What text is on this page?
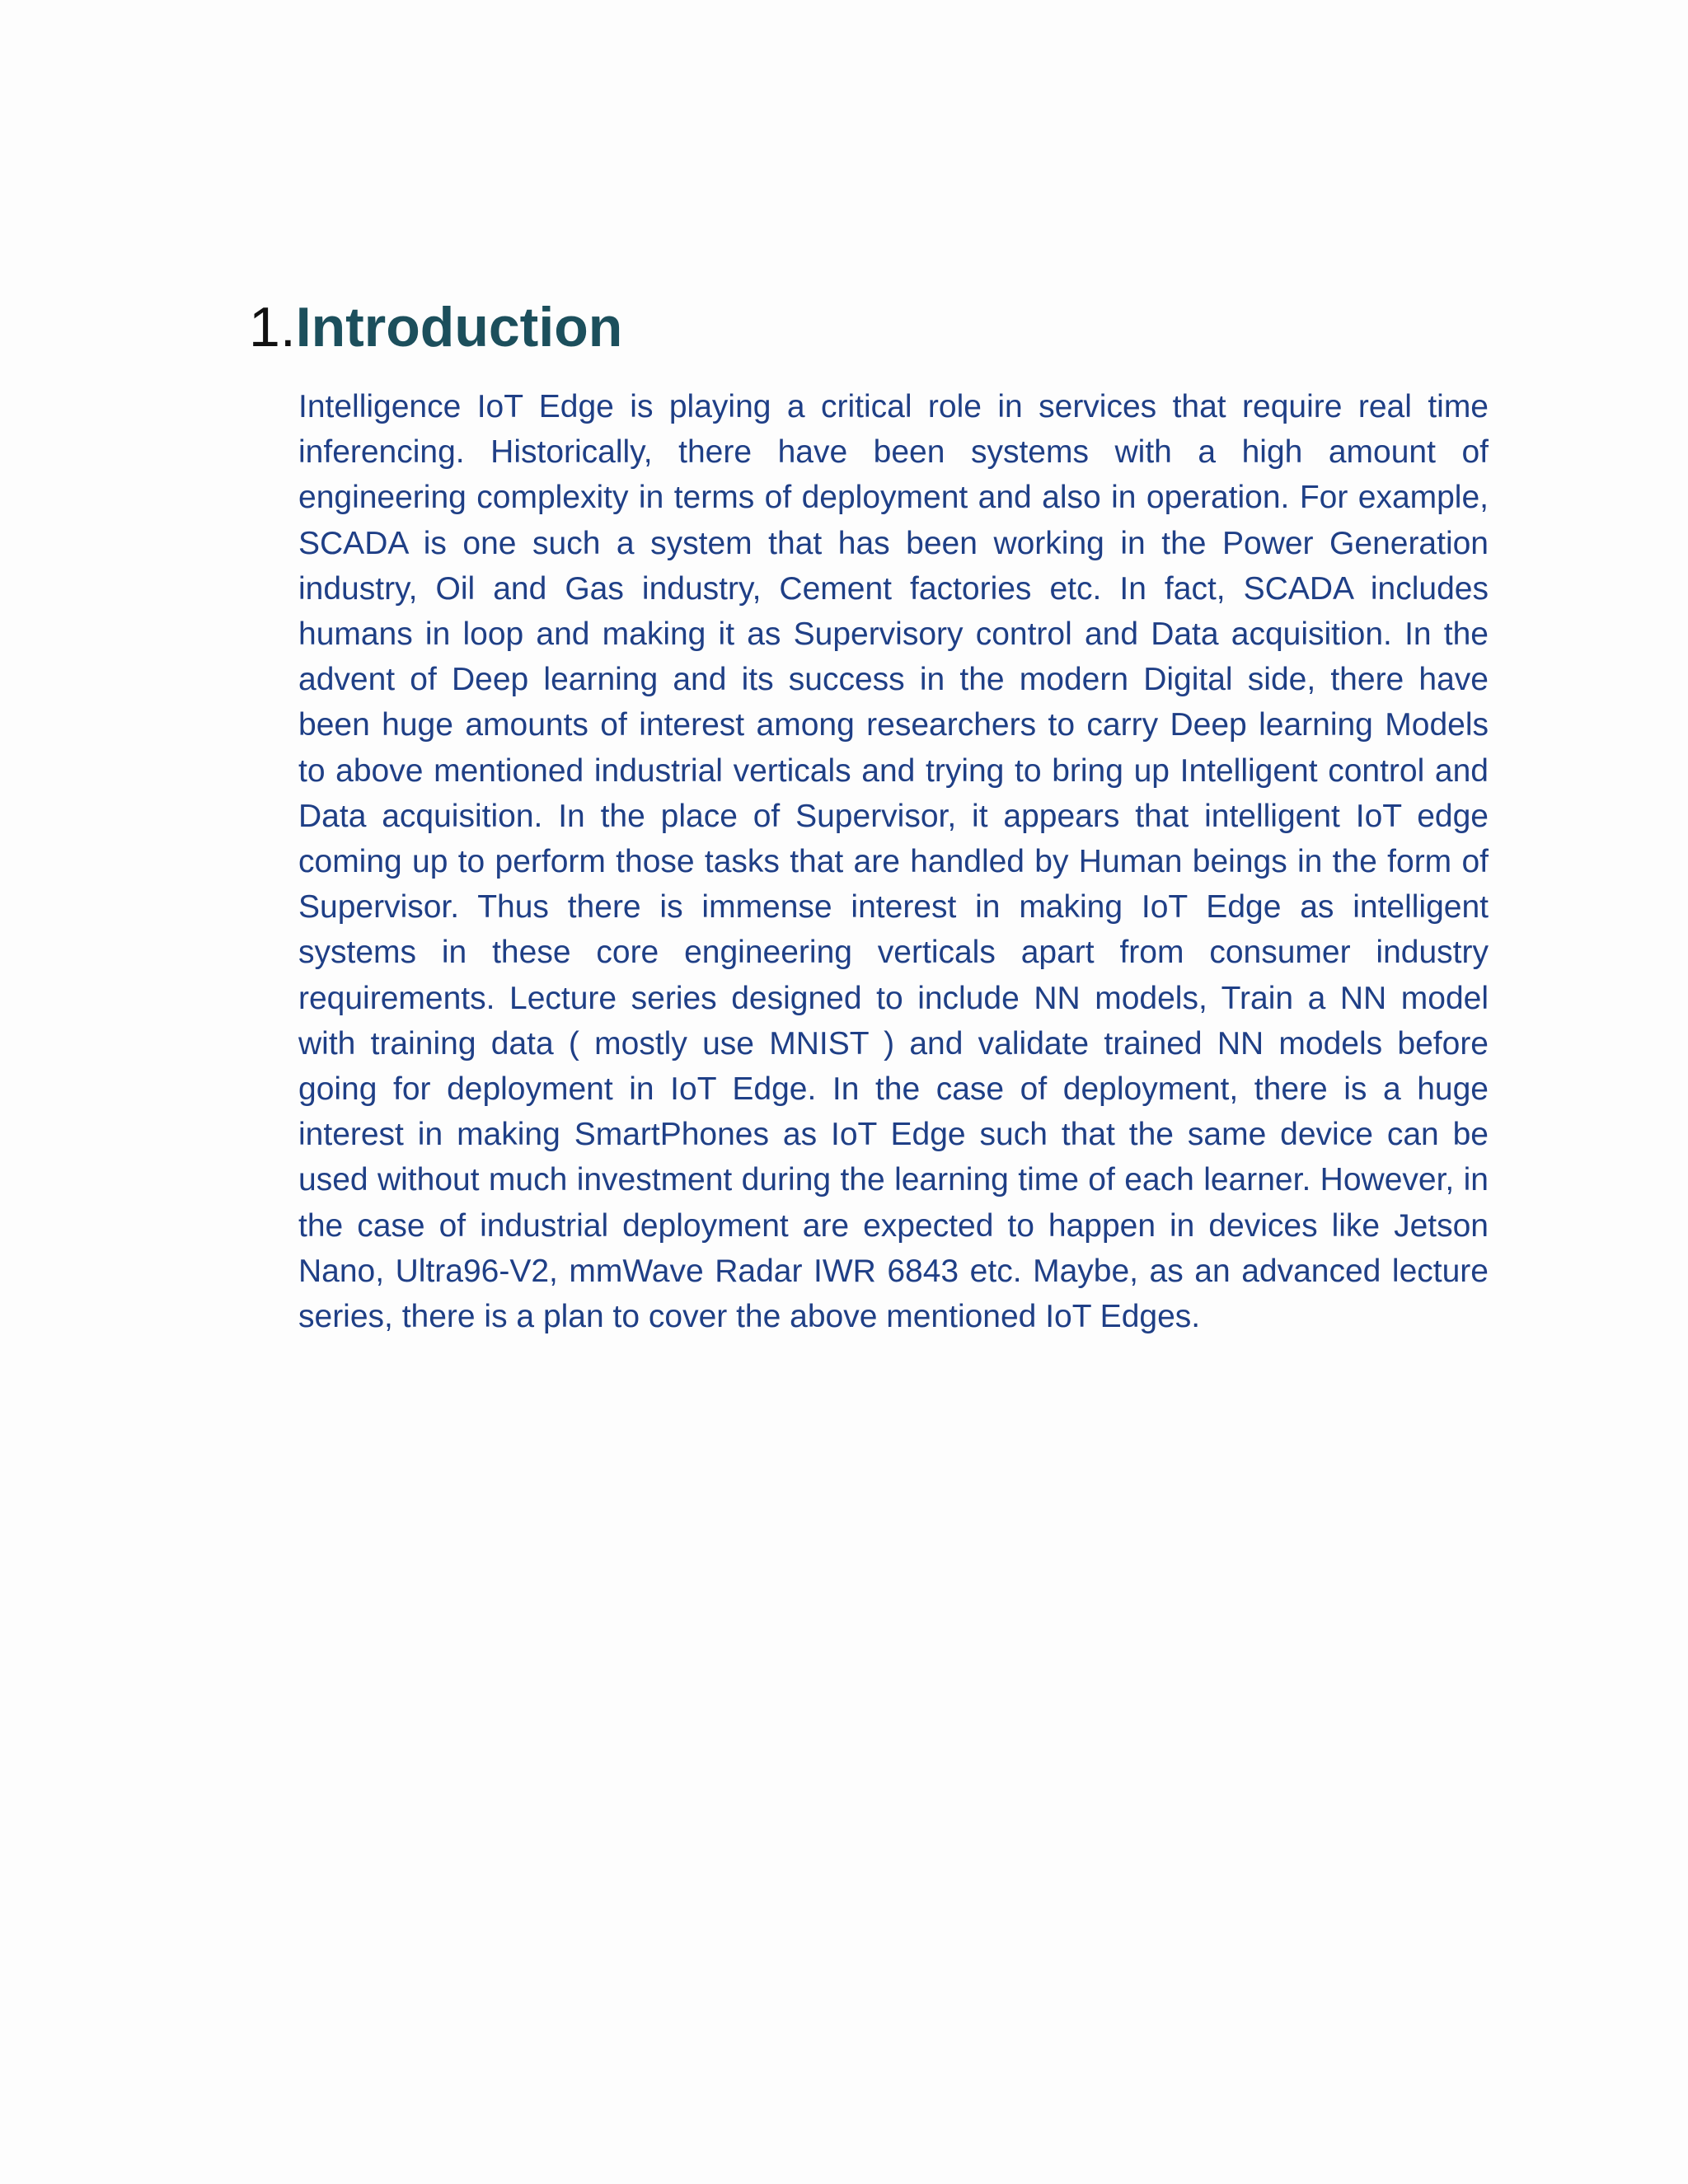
1.Introduction

Intelligence IoT Edge is playing a critical role in services that require real time inferencing. Historically, there have been systems with a high amount of engineering complexity in terms of deployment and also in operation. For example, SCADA is one such a system that has been working in the Power Generation industry, Oil and Gas industry, Cement factories etc. In fact, SCADA includes humans in loop and making it as Supervisory control and Data acquisition. In the advent of Deep learning and its success in the modern Digital side, there have been huge amounts of interest among researchers to carry Deep learning Models to above mentioned industrial verticals and trying to bring up Intelligent control and Data acquisition. In the place of Supervisor, it appears that intelligent IoT edge coming up to perform those tasks that are handled by Human beings in the form of Supervisor. Thus there is immense interest in making IoT Edge as intelligent systems in these core engineering verticals apart from consumer industry requirements. Lecture series designed to include NN models, Train a NN model with training data ( mostly use MNIST ) and validate trained NN models before going for deployment in IoT Edge. In the case of deployment, there is a huge interest in making SmartPhones as IoT Edge such that the same device can be used without much investment during the learning time of each learner. However, in the case of industrial deployment are expected to happen in devices like Jetson Nano, Ultra96-V2, mmWave Radar IWR 6843 etc. Maybe, as an advanced lecture series, there is a plan to cover the above mentioned IoT Edges.
